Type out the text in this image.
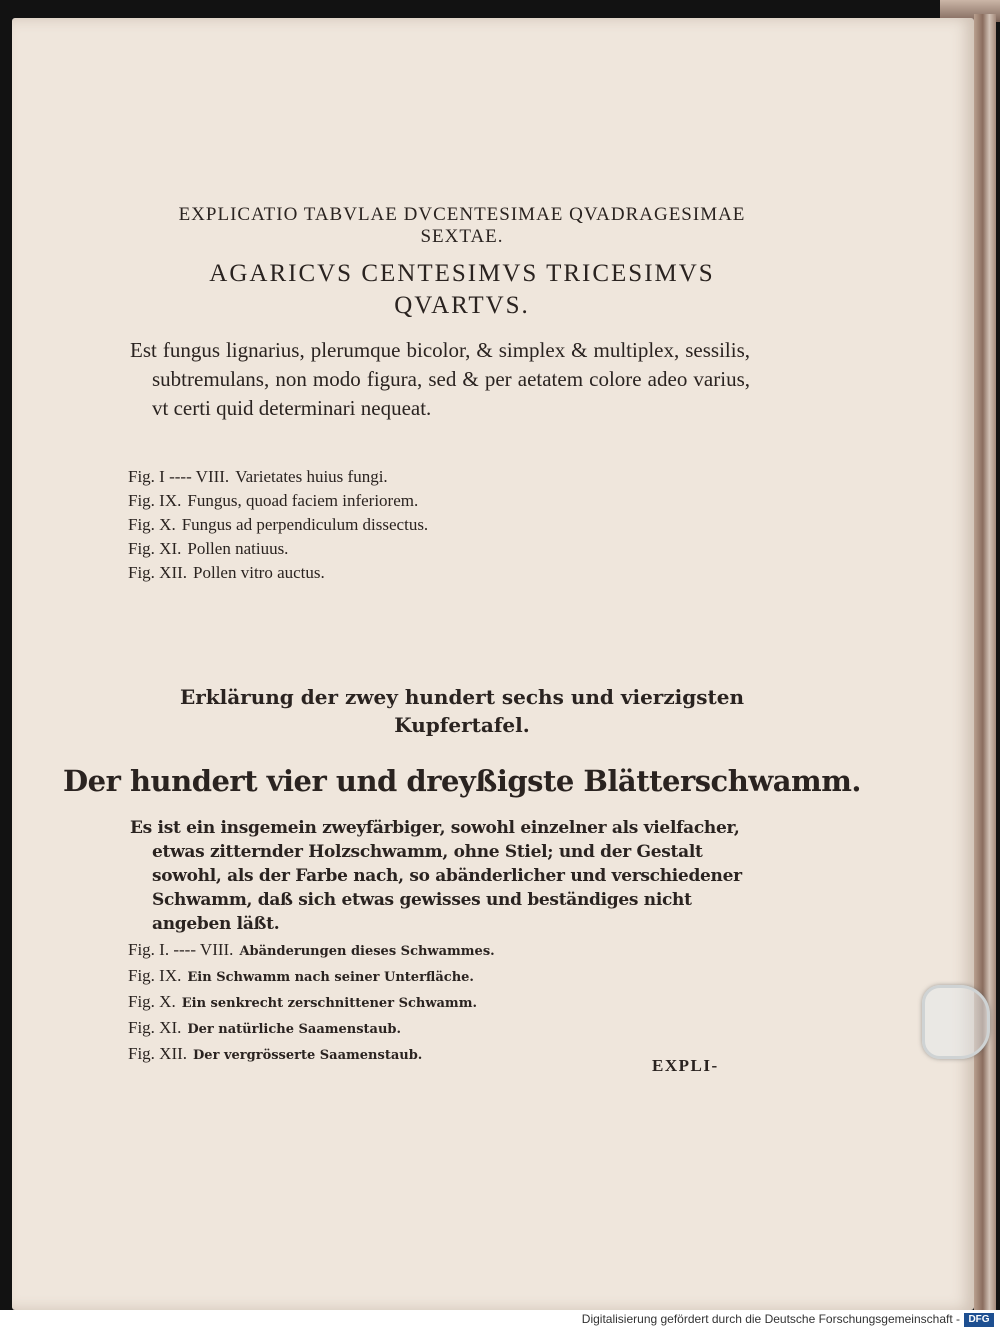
EXPLICATIO TABVLAE DVCENTESIMAE QVADRAGESIMAE
SEXTAE.
AGARICVS CENTESIMVS TRICESIMVS
QVARTVS.
Est fungus lignarius, plerumque bicolor, & simplex & multiplex, sessilis, subtremulans, non modo figura, sed & per aetatem colore adeo varius, vt certi quid determinari nequeat.
Fig. I ---- VIII. Varietates huius fungi.
Fig. IX. Fungus, quoad faciem inferiorem.
Fig. X. Fungus ad perpendiculum dissectus.
Fig. XI. Pollen natiuus.
Fig. XII. Pollen vitro auctus.
Erklärung der zwey hundert sechs und vierzigsten
Kupfertafel.
Der hundert vier und dreyßigste Blätterschwamm.
Es ist ein insgemein zweyfärbiger, sowohl einzelner als vielfacher, etwas zitternder Holzschwamm, ohne Stiel; und der Gestalt sowohl, als der Farbe nach, so abänderlicher und verschiedener Schwamm, daß sich etwas gewisses und beständiges nicht angeben läßt.
Fig. I. ---- VIII. Abänderungen dieses Schwammes.
Fig. IX. Ein Schwamm nach seiner Unterfläche.
Fig. X. Ein senkrecht zerschnittener Schwamm.
Fig. XI. Der natürliche Saamenstaub.
Fig. XII. Der vergrösserte Saamenstaub.
EXPLI-
Digitalisierung gefördert durch die Deutsche Forschungsgemeinschaft - DFG
